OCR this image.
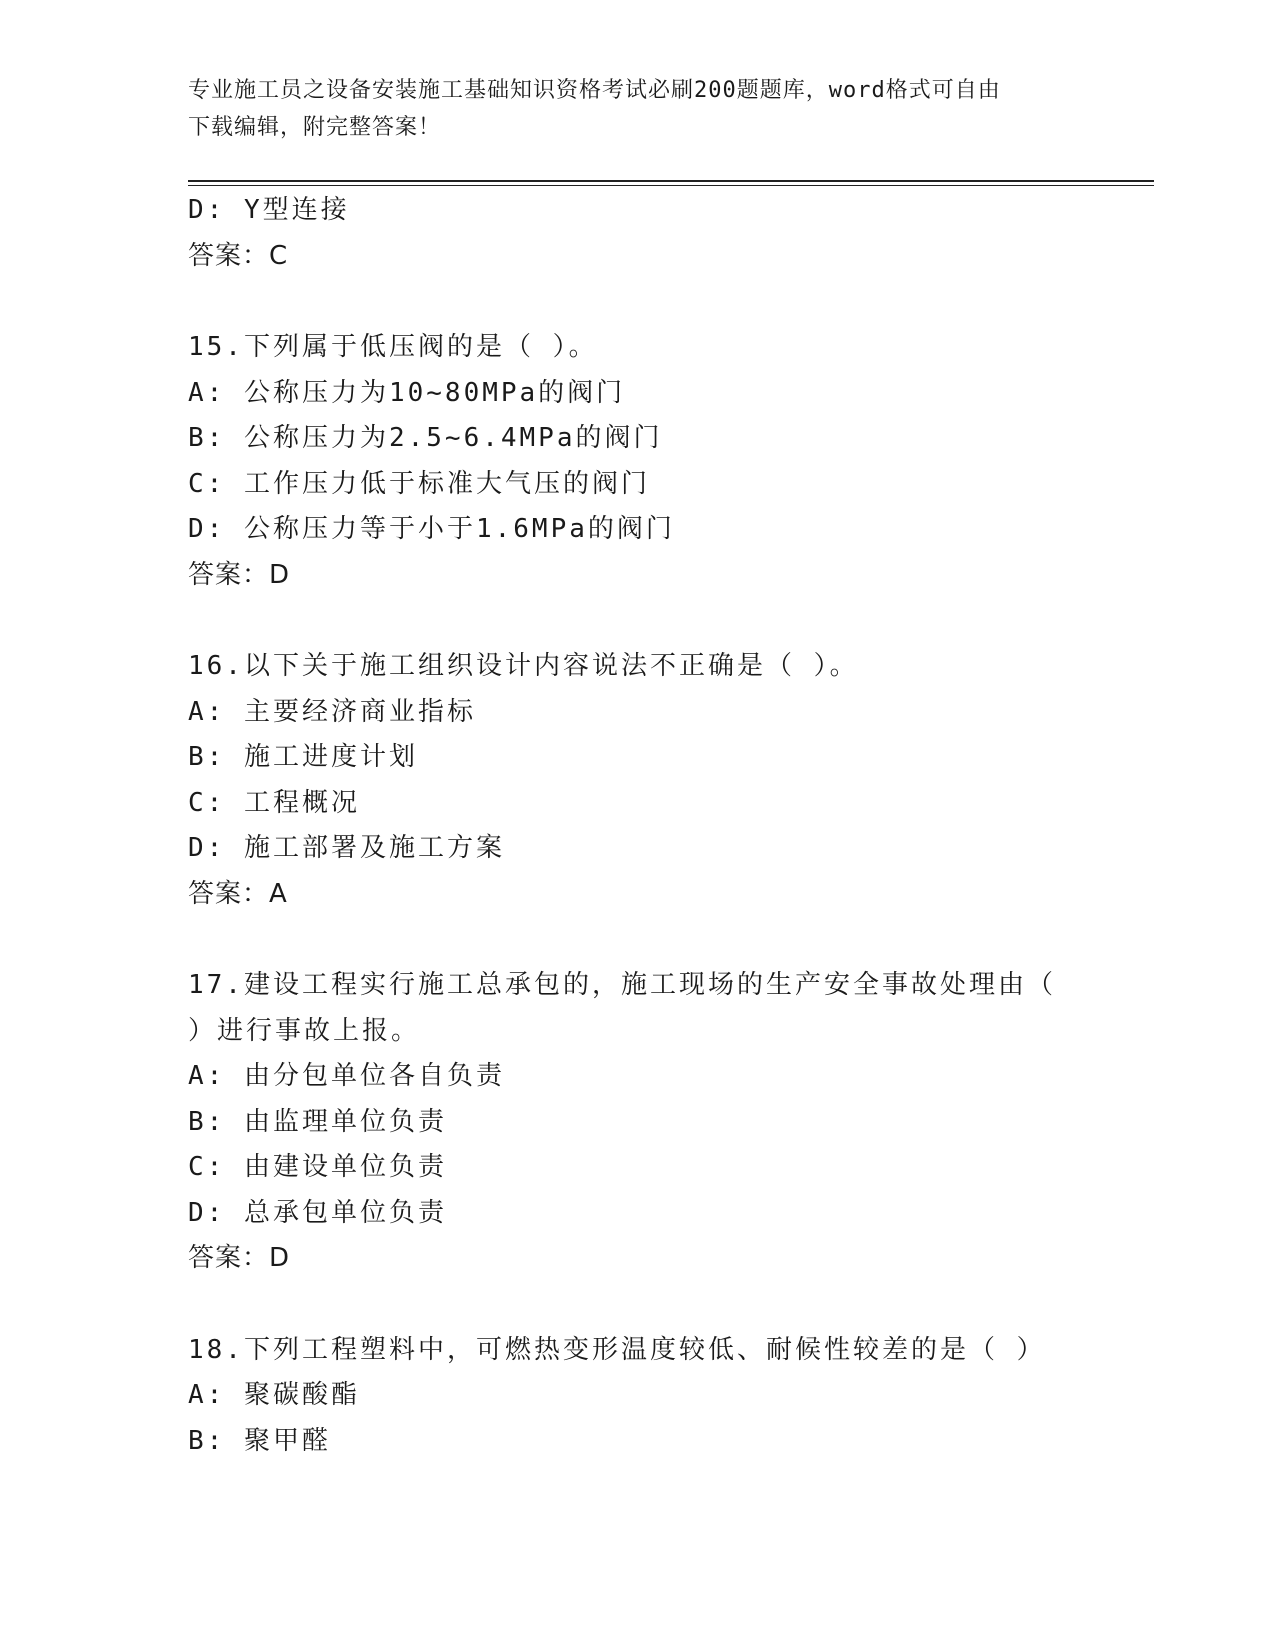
专业施工员之设备安装施工基础知识资格考试必刷200题题库，word格式可自由
下载编辑，附完整答案！
D: Y型连接
答案：C
15.下列属于低压阀的是（ ）。
A: 公称压力为10~80MPa的阀门
B: 公称压力为2.5~6.4MPa的阀门
C: 工作压力低于标准大气压的阀门
D: 公称压力等于小于1.6MPa的阀门
答案：D
16.以下关于施工组织设计内容说法不正确是（ ）。
A: 主要经济商业指标
B: 施工进度计划
C: 工程概况
D: 施工部署及施工方案
答案：A
17.建设工程实行施工总承包的，施工现场的生产安全事故处理由（
）进行事故上报。
A: 由分包单位各自负责
B: 由监理单位负责
C: 由建设单位负责
D: 总承包单位负责
答案：D
18.下列工程塑料中，可燃热变形温度较低、耐候性较差的是（ ）
A: 聚碳酸酯
B: 聚甲醛
